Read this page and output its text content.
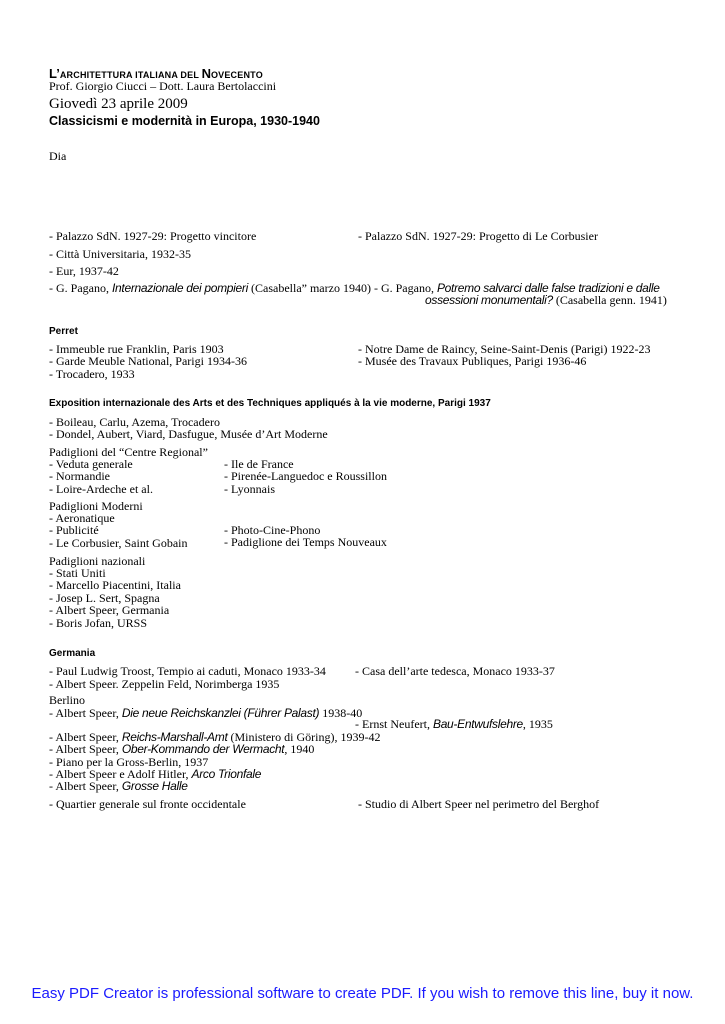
L’ARCHITETTURA ITALIANA DEL NOVECENTO
Prof. Giorgio Ciucci – Dott. Laura Bertolaccini
Giovedì 23 aprile 2009
Classicismi e modernità in Europa, 1930-1940
Dia
- Palazzo SdN. 1927-29: Progetto vincitore	- Palazzo SdN. 1927-29: Progetto di Le Corbusier
- Città Universitaria, 1932-35
- Eur, 1937-42
- G. Pagano, Internazionale dei pompieri (Casabella” marzo 1940) - G. Pagano, Potremo salvarci dalle false tradizioni e dalle
ossessioni monumentali? (Casabella genn. 1941)
Perret
- Immeuble rue Franklin, Paris 1903
- Garde Meuble National, Parigi 1934-36
- Trocadero, 1933
- Notre Dame de Raincy, Seine-Saint-Denis (Parigi) 1922-23
- Musée des Travaux Publiques, Parigi 1936-46
Exposition internazionale des Arts et des Techniques appliqués à la vie moderne, Parigi 1937
- Boileau, Carlu, Azema, Trocadero
- Dondel, Aubert, Viard, Dasfugue, Musée d’Art Moderne
Padiglioni del “Centre Regional”
- Veduta generale
- Normandie
- Loire-Ardeche et al.
- Ile de France
- Pirenée-Languedoc e Roussillon
- Lyonnais
Padiglioni Moderni
- Aeronatique
- Publicité
- Le Corbusier, Saint Gobain
- Photo-Cine-Phono
- Padiglione dei Temps Nouveaux
Padiglioni nazionali
- Stati Uniti
- Marcello Piacentini, Italia
- Josep L. Sert, Spagna
- Albert Speer, Germania
- Boris Jofan, URSS
Germania
- Paul Ludwig Troost, Tempio ai caduti, Monaco 1933-34 - Casa dell’arte tedesca, Monaco 1933-37
- Albert Speer. Zeppelin Feld, Norimberga 1935
Berlino
- Albert Speer, Die neue Reichskanzlei (Führer Palast) 1938-40
- Ernst Neufert, Bau-Entwufslehre, 1935
- Albert Speer, Reichs-Marshall-Amt (Ministero di Göring), 1939-42
- Albert Speer, Ober-Kommando der Wermacht, 1940
- Piano per la Gross-Berlin, 1937
- Albert Speer e Adolf Hitler, Arco Trionfale
- Albert Speer, Grosse Halle
- Quartier generale sul fronte occidentale	- Studio di Albert Speer nel perimetro del Berghof
Easy PDF Creator is professional software to create PDF. If you wish to remove this line, buy it now.
